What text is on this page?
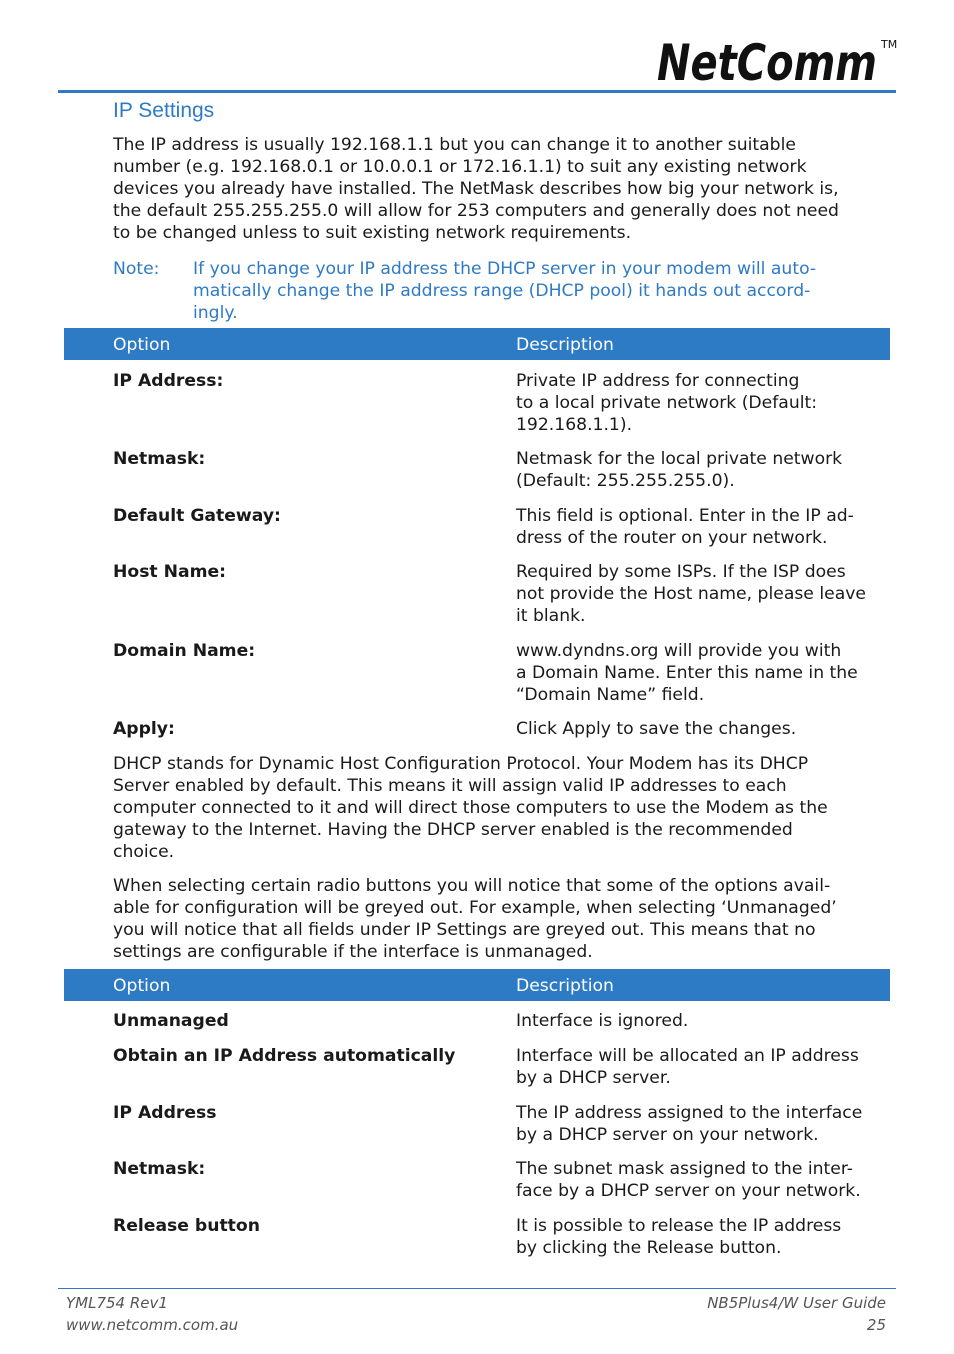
NetComm TM
IP Settings
The IP address is usually 192.168.1.1 but you can change it to another suitable
number (e.g. 192.168.0.1 or 10.0.0.1 or 172.16.1.1) to suit any existing network
devices you already have installed. The NetMask describes how big your network is,
the default 255.255.255.0 will allow for 253 computers and generally does not need
to be changed unless to suit existing network requirements.
Note: If you change your IP address the DHCP server in your modem will auto-
matically change the IP address range (DHCP pool) it hands out accord-
ingly.
Option	Description
IP Address:	Private IP address for connecting
to a local private network (Default:
192.168.1.1).
Netmask:	Netmask for the local private network
(Default: 255.255.255.0).
Default Gateway:	This field is optional. Enter in the IP ad-
dress of the router on your network.
Host Name:	Required by some ISPs. If the ISP does
not provide the Host name, please leave
it blank.
Domain Name:	www.dyndns.org will provide you with
a Domain Name. Enter this name in the
“Domain Name” field.
Apply:	Click Apply to save the changes.
DHCP stands for Dynamic Host Configuration Protocol. Your Modem has its DHCP
Server enabled by default. This means it will assign valid IP addresses to each
computer connected to it and will direct those computers to use the Modem as the
gateway to the Internet. Having the DHCP server enabled is the recommended
choice.
When selecting certain radio buttons you will notice that some of the options avail-
able for configuration will be greyed out. For example, when selecting ‘Unmanaged’
you will notice that all fields under IP Settings are greyed out. This means that no
settings are configurable if the interface is unmanaged.
Option	Description
Unmanaged	Interface is ignored.
Obtain an IP Address automatically	Interface will be allocated an IP address
by a DHCP server.
IP Address	The IP address assigned to the interface
by a DHCP server on your network.
Netmask:	The subnet mask assigned to the inter-
face by a DHCP server on your network.
Release button	It is possible to release the IP address
by clicking the Release button.
YML754 Rev1
www.netcomm.com.au
NB5Plus4/W User Guide
25
